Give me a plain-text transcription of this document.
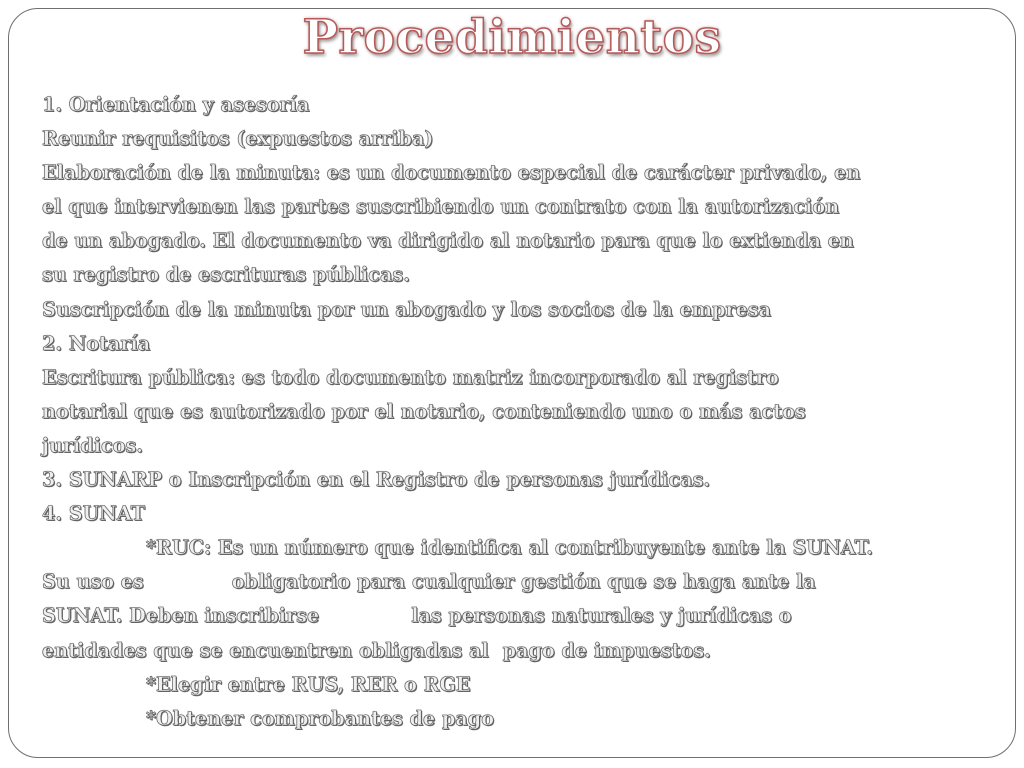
Procedimientos
1. Orientación y asesoría
Reunir requisitos (expuestos arriba)
Elaboración de la minuta: es un documento especial de carácter privado, en
el que intervienen las partes suscribiendo un contrato con la autorización
de un abogado. El documento va dirigido al notario para que lo extienda en
su registro de escrituras públicas.
Suscripción de la minuta por un abogado y los socios de la empresa
2. Notaría
Escritura pública: es todo documento matriz incorporado al registro
notarial que es autorizado por el notario, conteniendo uno o más actos
jurídicos.
3. SUNARP o Inscripción en el Registro de personas jurídicas.
4. SUNAT
*RUC: Es un número que identifica al contribuyente ante la SUNAT.
Su uso es	obligatorio para cualquier gestión que se haga ante la
SUNAT. Deben inscribirse	las personas naturales y jurídicas o
entidades que se encuentren obligadas al pago de impuestos.
*Elegir entre RUS, RER o RGE
*Obtener comprobantes de pago
